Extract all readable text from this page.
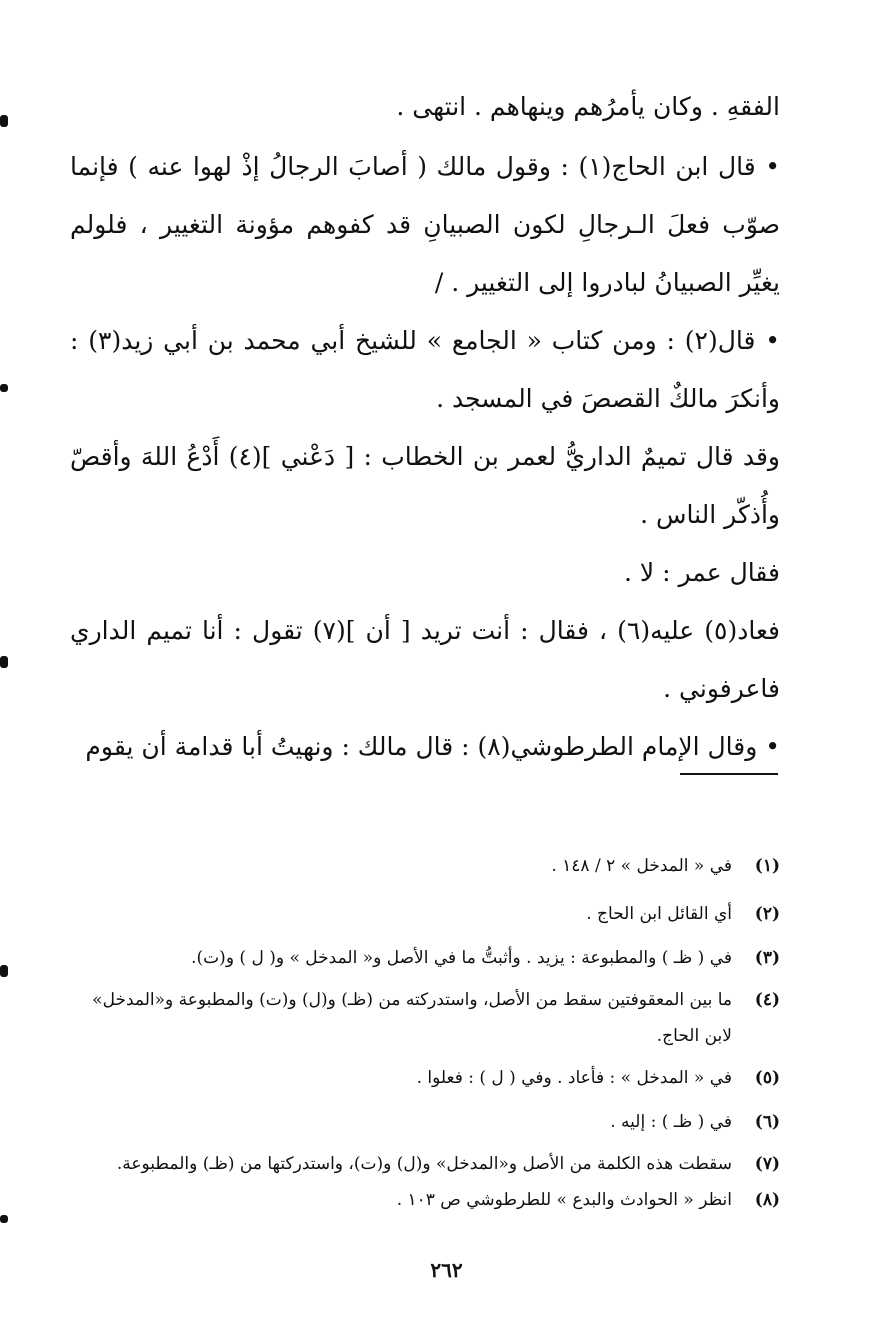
الفقهِ . وكان يأمرُهم وينهاهم . انتهى .

• قال ابن الحاج(١) : وقول مالك ( أصابَ الرجالُ إذْ لهوا عنه ) فإنما صوّب فعلَ الـرجالِ لكون الصبيانِ قد كفوهم مؤونة التغيير ، فلولم يغيِّر الصبيانُ لبادروا إلى التغيير . /

• قال(٢) : ومن كتاب « الجامع » للشيخ أبي محمد بن أبي زيد(٣) : وأنكرَ مالكٌ القصصَ في المسجد .

وقد قال تميمٌ الداريُّ لعمر بن الخطاب : [ دَعْني ](٤) أَدْعُ اللهَ وأقصّ وأُذكّر الناس .

فقال عمر : لا .

فعاد(٥) عليه(٦) ، فقال : أنت تريد [ أن ](٧) تقول : أنا تميم الداري فاعرفوني .

• وقال الإمام الطرطوشي(٨) : قال مالك : ونهيتُ أبا قدامة أن يقوم

(١)
في « المدخل » ٢ / ١٤٨ .
(٢)
أي القائل ابن الحاج .
(٣)
في ( ظـ ) والمطبوعة : يزيد . وأثبتُّ ما في الأصل و« المدخل » و( ل ) و(ت).
(٤)
ما بين المعقوفتين سقط من الأصل، واستدركته من (ظـ) و(ل) و(ت) والمطبوعة و«المدخل» لابن الحاج.
(٥)
في « المدخل » : فأعاد . وفي ( ل ) : فعلوا .
(٦)
في ( ظـ ) : إليه .
(٧)
سقطت هذه الكلمة من الأصل و«المدخل» و(ل) و(ت)، واستدركتها من (ظـ) والمطبوعة.
(٨)
انظر « الحوادث والبدع » للطرطوشي ص ١٠٣ .
٢٦٢
